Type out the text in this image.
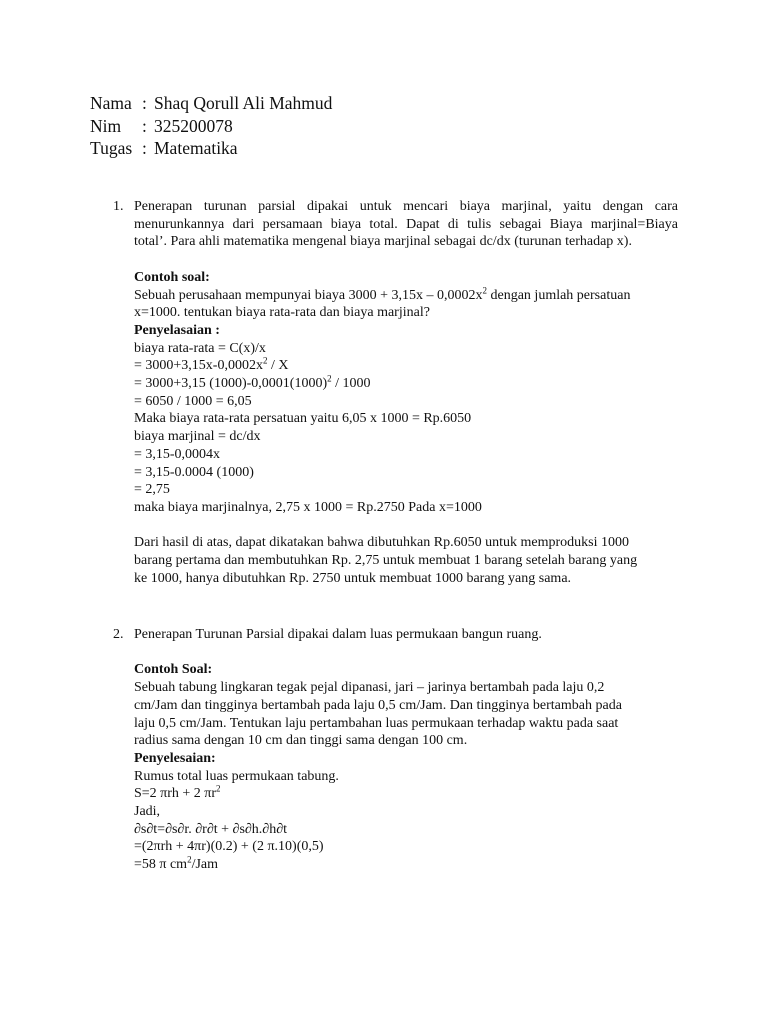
Nama : Shaq Qorull Ali Mahmud
Nim	: 325200078
Tugas : Matematika
1. Penerapan turunan parsial dipakai untuk mencari biaya marjinal, yaitu dengan cara
menurunkannya dari persamaan biaya total. Dapat di tulis sebagai Biaya marjinal=Biaya
total’. Para ahli matematika mengenal biaya marjinal sebagai dc/dx (turunan terhadap x).
Contoh soal:
Sebuah perusahaan mempunyai biaya $3000 + 3,15x - 0,0002x^2$ dengan jumlah persatuan
x=1000. tentukan biaya rata-rata dan biaya marjinal?
Penyelasaian :
biaya rata-rata = C(x)/x
= $3000+3,15x-0,0002x^2 / X$
= 3000+3,15 $(1000)-0,0001(1000)^2 / 1000$
= 6050 / 1000 = 6,05
Maka biaya rata-rata persatuan yaitu 6,05 x 1000 = Rp.6050
biaya marjinal = dc/dx
= 3,15-0,0004x
= 3,15-0.0004 (1000)
= 2,75
maka biaya marjinalnya, 2,75 x 1000 = Rp.2750 Pada x=1000
Dari hasil di atas, dapat dikatakan bahwa dibutuhkan Rp.6050 untuk memproduksi 1000
barang pertama dan membutuhkan Rp. 2,75 untuk membuat 1 barang setelah barang yang
ke 1000, hanya dibutuhkan Rp. 2750 untuk membuat 1000 barang yang sama.
2. Penerapan Turunan Parsial dipakai dalam luas permukaan bangun ruang.
Contoh Soal:
Sebuah tabung lingkaran tegak pejal dipanasi, jari – jarinya bertambah pada laju 0,2
cm/Jam dan tingginya bertambah pada laju 0,5 cm/Jam. Dan tingginya bertambah pada
laju 0,5 cm/Jam. Tentukan laju pertambahan luas permukaan terhadap waktu pada saat
radius sama dengan 10 cm dan tinggi sama dengan 100 cm.
Penyelesaian:
Rumus total luas permukaan tabung.
S=2 πrh + 2 $\pi r^2$
Jadi,
∂s∂t=∂s∂r. ∂r∂t + ∂s∂h.∂h∂t
=(2πrh + 4πr)(0.2) + (2 π.10)(0,5)
=58 π $cm^2$/Jam
